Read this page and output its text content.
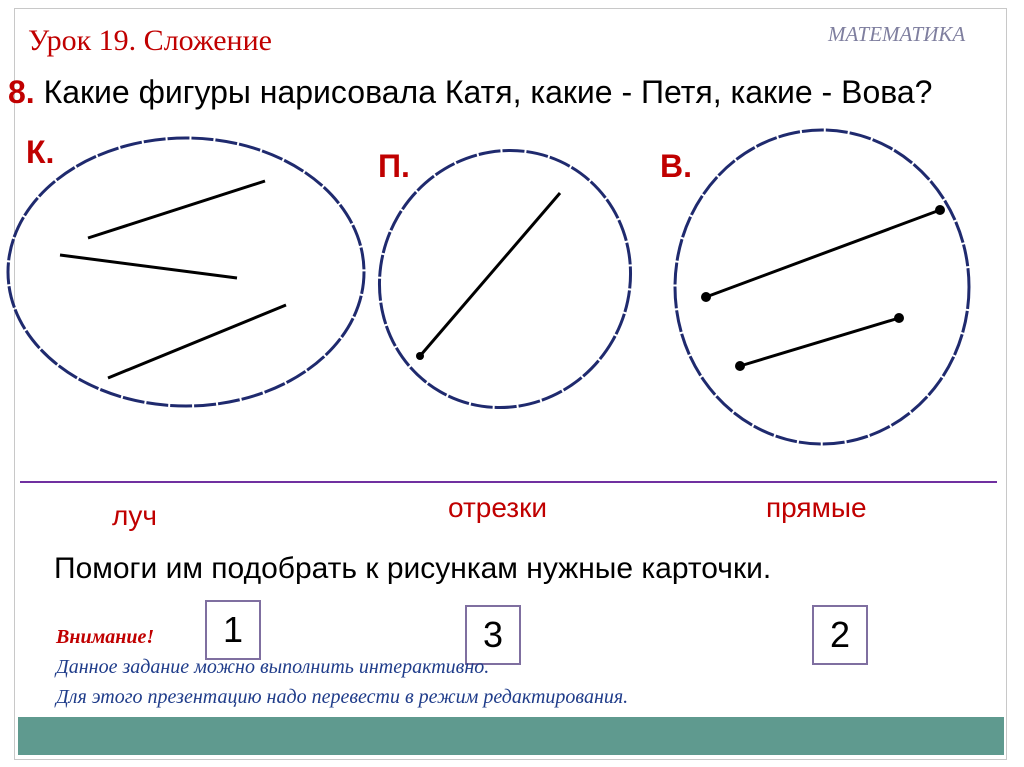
Урок 19. Сложение	МАТЕМАТИКА
8. Какие фигуры нарисовала Катя, какие - Петя, какие - Вова?
К.	П.	В.
луч	отрезки	прямые
Помоги им подобрать к рисункам нужные карточки.
1	3	2
Внимание!
Данное задание можно выполнить интерактивно.
Для этого презентацию надо перевести в режим редактирования.
